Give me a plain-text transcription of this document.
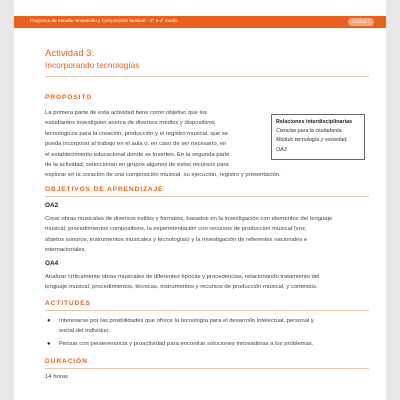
Programa de Estudio Innovación y Composición Musical – 3° a 4° medio	Unidad 1
Actividad 3:
Incorporando tecnologías
PROPÓSITO
La primera parte de esta actividad tiene como objetivo que los
estudiantes investiguen acerca de diversos medios y dispositivos
tecnológicos para la creación, producción y el registro musical, que se
pueda incorporar al trabajo en el aula o, en caso de ser necesario, en
el establecimiento educacional donde se inserten. En la segunda parte
de la actividad, seleccionan en grupos algunos de estos recursos para
explorar en la creación de una composición musical, su ejecución, registro y presentación.
Relaciones interdisciplinarias
Ciencias para la ciudadanía.
Módulo tecnología y sociedad,
OA3
OBJETIVOS DE APRENDIZAJE
OA2
Crear obras musicales de diversos estilos y formatos, basados en la investigación con elementos del lenguaje
musical, procedimientos compositivos, la experimentación con recursos de producción musical (voz,
objetos sonoros, instrumentos musicales y tecnologías) y la investigación de referentes nacionales e
internacionales.
OA4
Analizar críticamente obras musicales de diferentes épocas y procedencias, relacionando tratamiento del
lenguaje musical, procedimientos, técnicas, instrumentos y recursos de producción musical, y contextos.
ACTITUDES
● Interesarse por las posibilidades que ofrece la tecnología para el desarrollo intelectual, personal y
social del individuo.
● Pensar con perseverancia y proactividad para encontrar soluciones innovadoras a los problemas.
DURACIÓN
14 horas
